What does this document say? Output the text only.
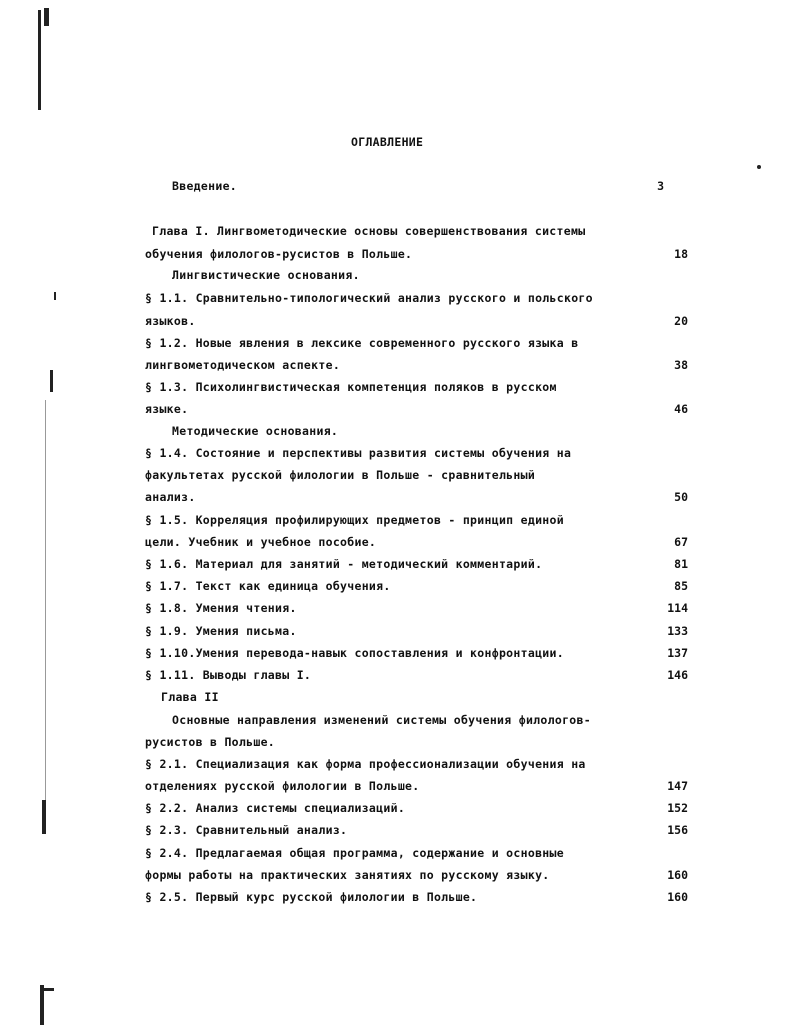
ОГЛАВЛЕНИЕ
Введение.	3
Глава I. Лингвометодические основы совершенствования системы
обучения филологов-русистов в Польше.	18
Лингвистические основания.
§ 1.1. Сравнительно-типологический анализ русского и польского
языков.	20
§ 1.2. Новые явления в лексике современного русского языка в
лингвометодическом аспекте.	38
§ 1.3. Психолингвистическая компетенция поляков в русском
языке.	46
Методические основания.
§ 1.4. Состояние и перспективы развития системы обучения на
факультетах русской филологии в Польше - сравнительный
анализ.	50
§ 1.5. Корреляция профилирующих предметов - принцип единой
цели. Учебник и учебное пособие.	67
§ 1.6. Материал для занятий - методический комментарий.	81
§ 1.7. Текст как единица обучения.	85
§ 1.8. Умения чтения.	114
§ 1.9. Умения письма.	133
§ 1.10.Умения перевода-навык сопоставления и конфронтации.	137
§ 1.11. Выводы главы I.	146
Глава II
Основные направления изменений системы обучения филологов-
русистов в Польше.
§ 2.1. Специализация как форма профессионализации обучения на
отделениях русской филологии в Польше.	147
§ 2.2. Анализ системы специализаций.	152
§ 2.3. Сравнительный анализ.	156
§ 2.4. Предлагаемая общая программа, содержание и основные
формы работы на практических занятиях по русскому языку.	160
§ 2.5. Первый курс русской филологии в Польше.	160
